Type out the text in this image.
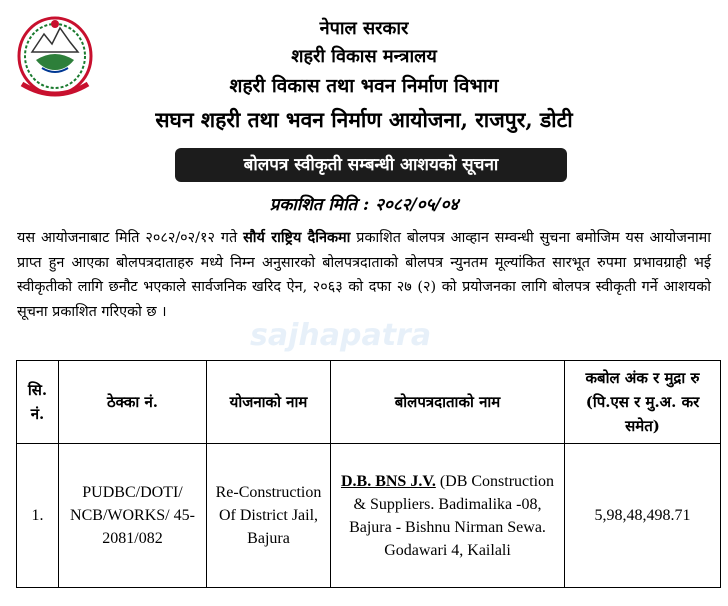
नेपाल सरकार
शहरी विकास मन्त्रालय
शहरी विकास तथा भवन निर्माण विभाग
सघन शहरी तथा भवन निर्माण आयोजना, राजपुर, डोटी
बोलपत्र स्वीकृती सम्बन्धी आशयको सूचना
प्रकाशित मिति : २०८२/०५/०४
यस आयोजनाबाट मिति २०८२/०२/१२ गते सौर्य राष्ट्रिय दैनिकमा प्रकाशित बोलपत्र आव्हान सम्वन्धी सुचना बमोजिम यस आयोजनामा प्राप्त हुन आएका बोलपत्रदाताहरु मध्ये निम्न अनुसारको बोलपत्रदाताको बोलपत्र न्युनतम मूल्यांकित सारभूत रुपमा प्रभावग्राही भई स्वीकृतीको लागि छनौट भएकाले सार्वजनिक खरिद ऐन, २०६३ को दफा २७ (२) को प्रयोजनका लागि बोलपत्र स्वीकृती गर्ने आशयको सूचना प्रकाशित गरिएको छ ।
sajhapatra
सि. नं.	ठेक्का नं.	योजनाको नाम	बोलपत्रदाताको नाम	कबोल अंक र मुद्रा रु (पि.एस र मु.अ. कर समेत)
1.	PUDBC/DOTI/ NCB/WORKS/ 45-2081/082	Re-Construction Of District Jail, Bajura	D.B. BNS J.V. (DB Construction & Suppliers. Badimalika -08, Bajura - Bishnu Nirman Sewa. Godawari 4, Kailali	5,98,48,498.71
